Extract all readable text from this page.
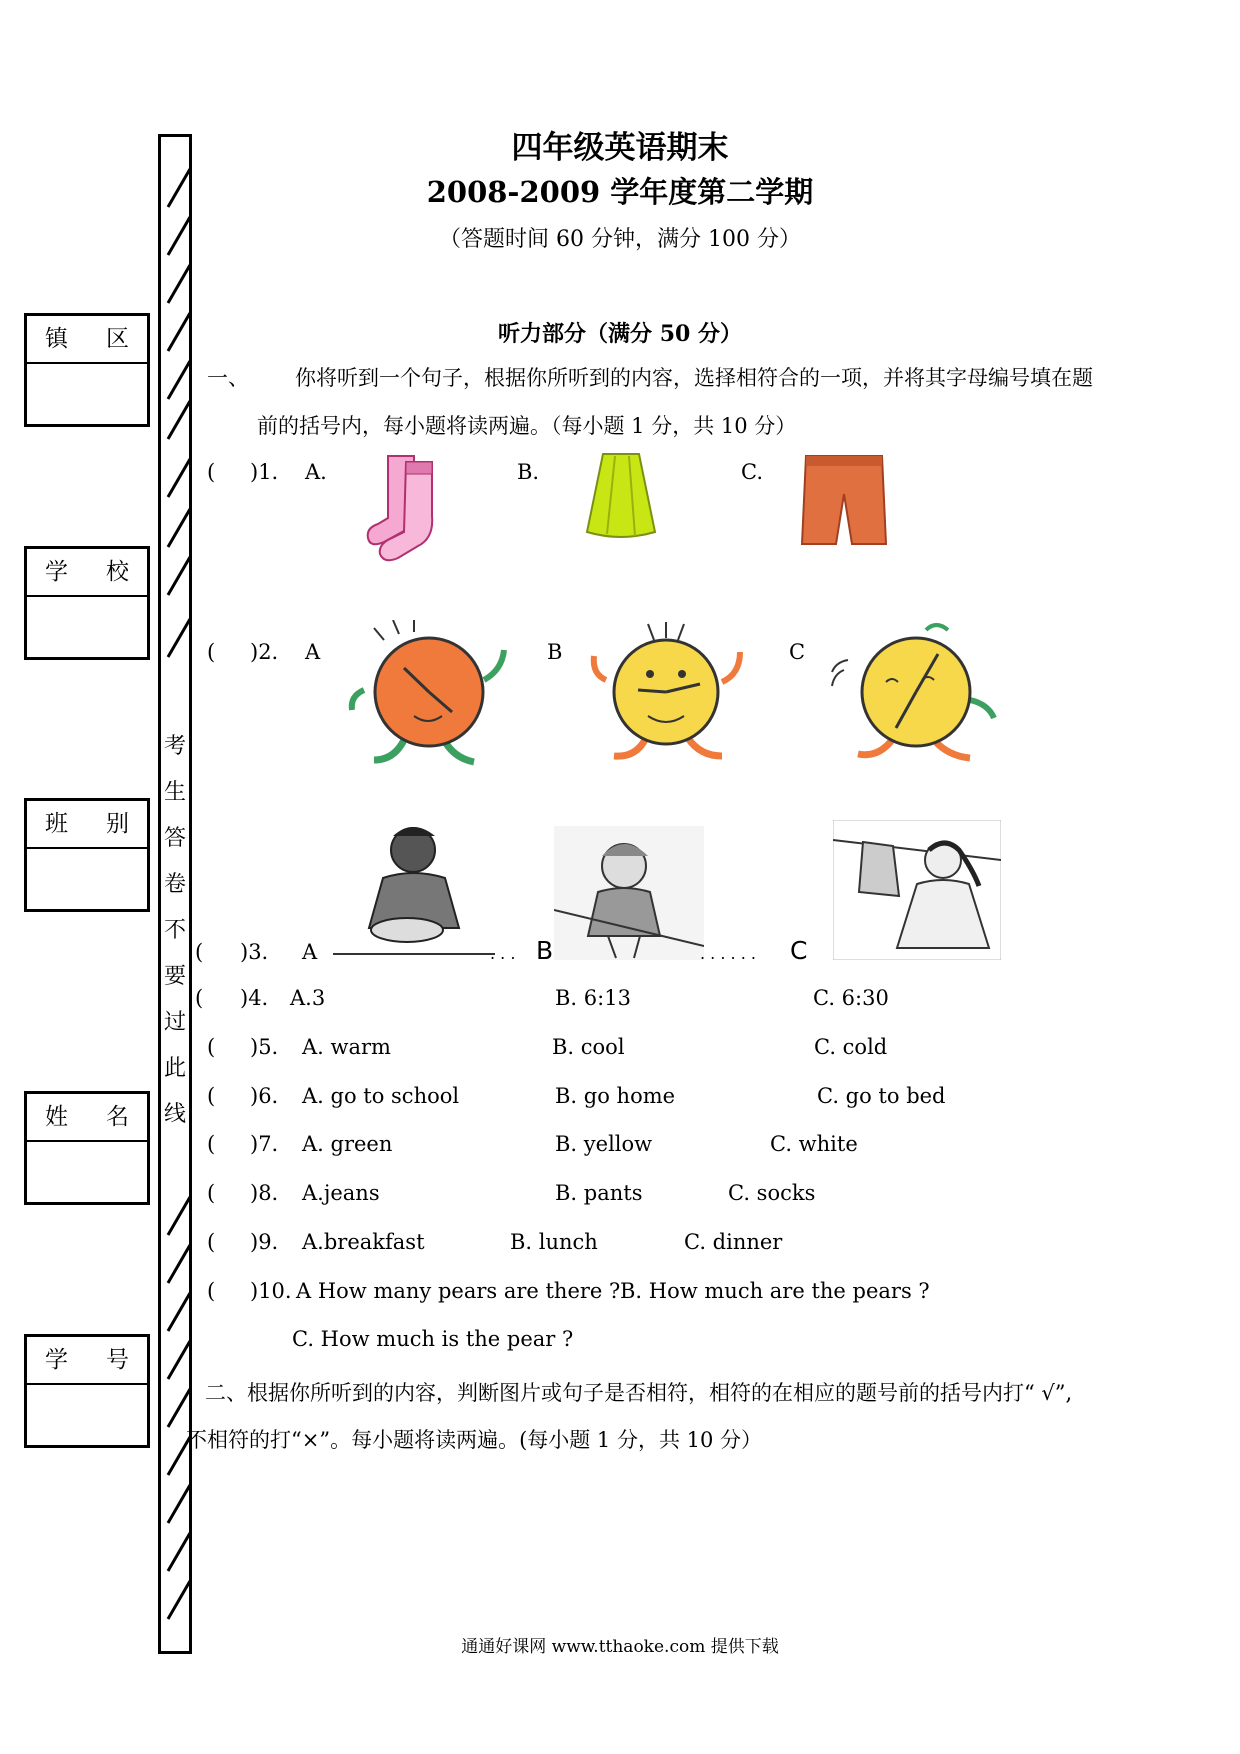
四年级英语期末
2008-2009 学年度第二学期
（答题时间 60 分钟，满分 100 分）
考
生
答
卷
不
要
过
此
线
镇 区
学 校
班 别
姓 名
学 号
听力部分（满分 50 分）
一、 你将听到一个句子，根据你所听到的内容，选择相符合的一项，并将其字母编号填在题
前的括号内，每小题将读两遍。（每小题 1 分，共 10 分）
( )1. A.	B.	C.
( )2. A	B	C
( )3. A	. . . B	. . . . . . C
( )4. A.3	B. 6:13	C. 6:30
( )5. A. warm	B. cool	C. cold
( )6. A. go to school	B. go home	C. go to bed
( )7. A. green	B. yellow	C. white
( )8. A.jeans	B. pants	C. socks
( )9. A.breakfast	B. lunch	C. dinner
( )10. A How many pears are there ? B. How much are the pears ?
C. How much is the pear ?
二、根据你所听到的内容，判断图片或句子是否相符，相符的在相应的题号前的括号内打“ √”,
不相符的打“×”。每小题将读两遍。(每小题 1 分，共 10 分）
通通好课网 www.tthaoke.com 提供下载
